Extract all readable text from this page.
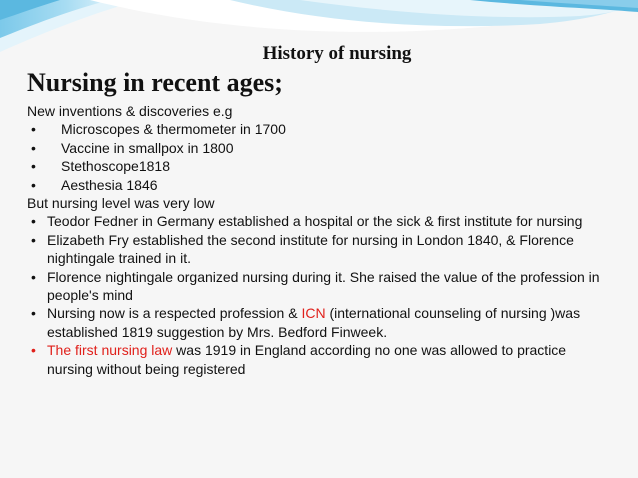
History of nursing
Nursing in recent ages;
New inventions & discoveries e.g
• Microscopes & thermometer in 1700
• Vaccine in smallpox in 1800
• Stethoscope1818
• Aesthesia 1846
But nursing level was very low
• Teodor Fedner in Germany established a hospital or the sick & first institute for nursing
• Elizabeth Fry established the second institute for nursing in London 1840, & Florence nightingale trained in it.
• Florence nightingale organized nursing during it. She raised the value of the profession in people's mind
• Nursing now is a respected profession & ICN (international counseling of nursing )was established 1819 suggestion by Mrs. Bedford Finweek.
• The first nursing law was 1919 in England according no one was allowed to practice nursing without being registered
